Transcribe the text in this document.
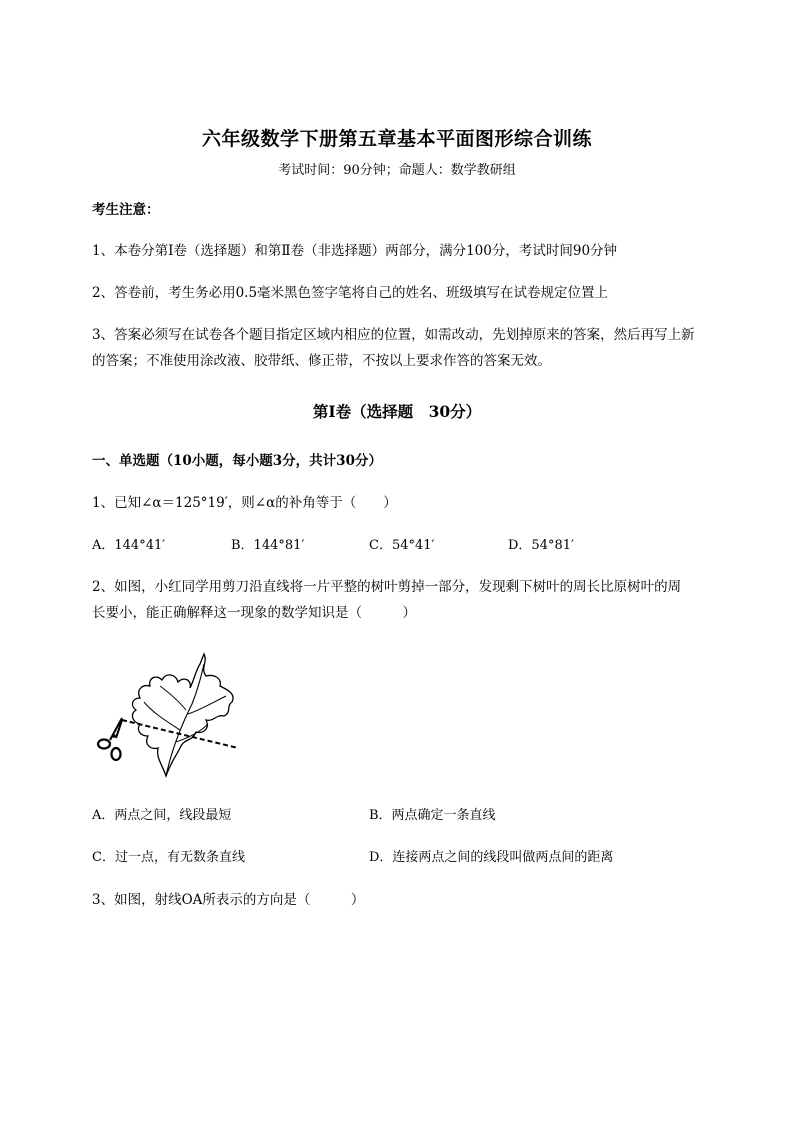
六年级数学下册第五章基本平面图形综合训练
考试时间：90分钟；命题人：数学教研组
考生注意：
1、本卷分第Ⅰ卷（选择题）和第Ⅱ卷（非选择题）两部分，满分100分，考试时间90分钟
2、答卷前，考生务必用0.5毫米黑色签字笔将自己的姓名、班级填写在试卷规定位置上
3、答案必须写在试卷各个题目指定区域内相应的位置，如需改动，先划掉原来的答案，然后再写上新
的答案；不准使用涂改液、胶带纸、修正带，不按以上要求作答的答案无效。
第Ⅰ卷（选择题　30分）
一、单选题（10小题，每小题3分，共计30分）
1、已知∠α＝125°19′，则∠α的补角等于（　　）
A．144°41′	B．144°81′	C．54°41′	D．54°81′
2、如图，小红同学用剪刀沿直线将一片平整的树叶剪掉一部分，发现剩下树叶的周长比原树叶的周
长要小，能正确解释这一现象的数学知识是（　　　）
A．两点之间，线段最短	B．两点确定一条直线
C．过一点，有无数条直线	D．连接两点之间的线段叫做两点间的距离
3、如图，射线OA所表示的方向是（　　　）
